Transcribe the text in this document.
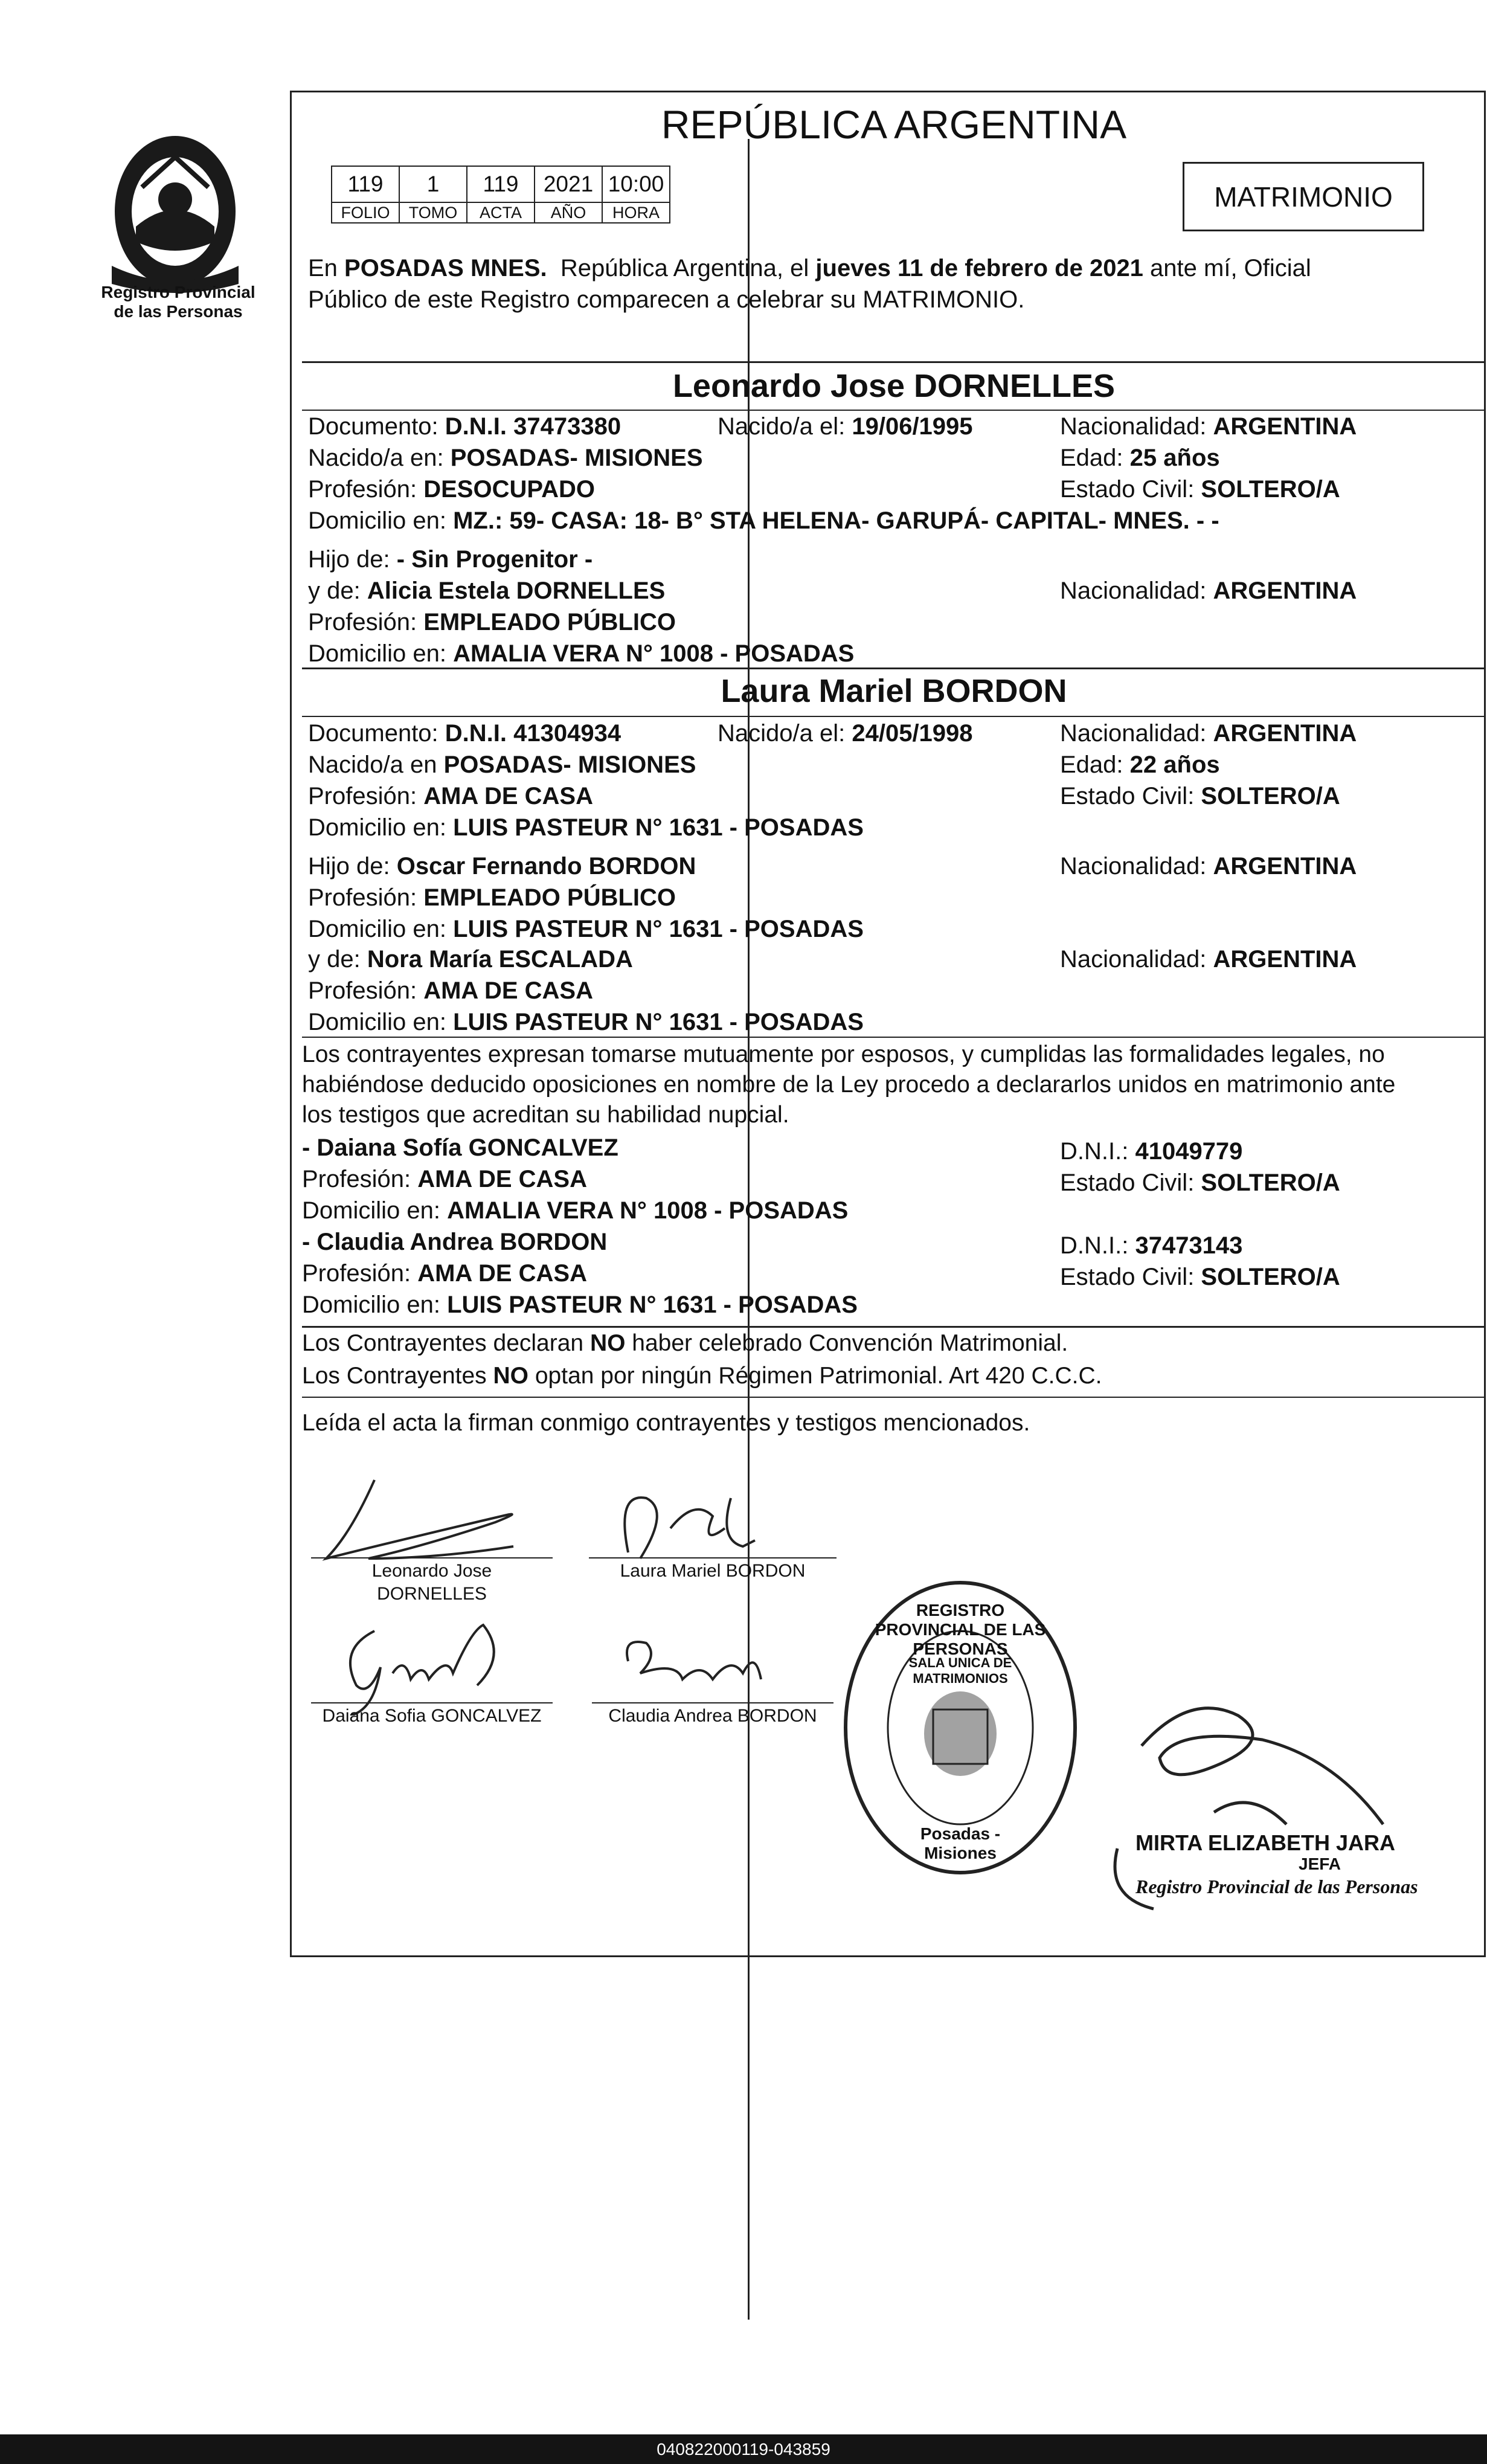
Registro Provincial
de las Personas
REPÚBLICA ARGENTINA
119	1	119	2021	10:00
FOLIO	TOMO	ACTA	AÑO	HORA	MATRIMONIO
En POSADAS MNES.  República Argentina, el jueves 11 de febrero de 2021 ante mí, Oficial
Público de este Registro comparecen a celebrar su MATRIMONIO.
Leonardo Jose DORNELLES
Documento: D.N.I. 37473380	Nacido/a el: 19/06/1995	Nacionalidad: ARGENTINA
Nacido/a en: POSADAS- MISIONES	Edad: 25 años
Profesión: DESOCUPADO	Estado Civil: SOLTERO/A
Domicilio en: MZ.: 59- CASA: 18- B° STA HELENA- GARUPÁ- CAPITAL- MNES. - -
Hijo de: - Sin Progenitor -
y de: Alicia Estela DORNELLES	Nacionalidad: ARGENTINA
Profesión: EMPLEADO PÚBLICO
Domicilio en: AMALIA VERA N° 1008 - POSADAS
Laura Mariel BORDON
Documento: D.N.I. 41304934	Nacido/a el: 24/05/1998	Nacionalidad: ARGENTINA
Nacido/a en POSADAS- MISIONES	Edad: 22 años
Profesión: AMA DE CASA	Estado Civil: SOLTERO/A
Domicilio en: LUIS PASTEUR N° 1631 - POSADAS
Hijo de: Oscar Fernando BORDON	Nacionalidad: ARGENTINA
Profesión: EMPLEADO PÚBLICO
Domicilio en: LUIS PASTEUR N° 1631 - POSADAS
y de: Nora María ESCALADA	Nacionalidad: ARGENTINA
Profesión: AMA DE CASA
Domicilio en: LUIS PASTEUR N° 1631 - POSADAS
Los contrayentes expresan tomarse mutuamente por esposos, y cumplidas las formalidades legales, no
habiéndose deducido oposiciones en nombre de la Ley procedo a declararlos unidos en matrimonio ante
los testigos que acreditan su habilidad nupcial.
- Daiana Sofía GONCALVEZ	D.N.I.: 41049779
Profesión: AMA DE CASA	Estado Civil: SOLTERO/A
Domicilio en: AMALIA VERA N° 1008 - POSADAS
- Claudia Andrea BORDON	D.N.I.: 37473143
Profesión: AMA DE CASA	Estado Civil: SOLTERO/A
Domicilio en: LUIS PASTEUR N° 1631 - POSADAS
Los Contrayentes declaran NO haber celebrado Convención Matrimonial.
Los Contrayentes NO optan por ningún Régimen Patrimonial. Art 420 C.C.C.
Leída el acta la firman conmigo contrayentes y testigos mencionados.
Leonardo Jose
DORNELLES
Laura Mariel BORDON
Daiana Sofia GONCALVEZ	Claudia Andrea BORDON
REGISTRO PROVINCIAL DE LAS PERSONAS
SALA UNICA DE MATRIMONIOS
Posadas - Misiones	MIRTA ELIZABETH JARA
JEFA
Registro Provincial de las Personas
040822000119-043859
